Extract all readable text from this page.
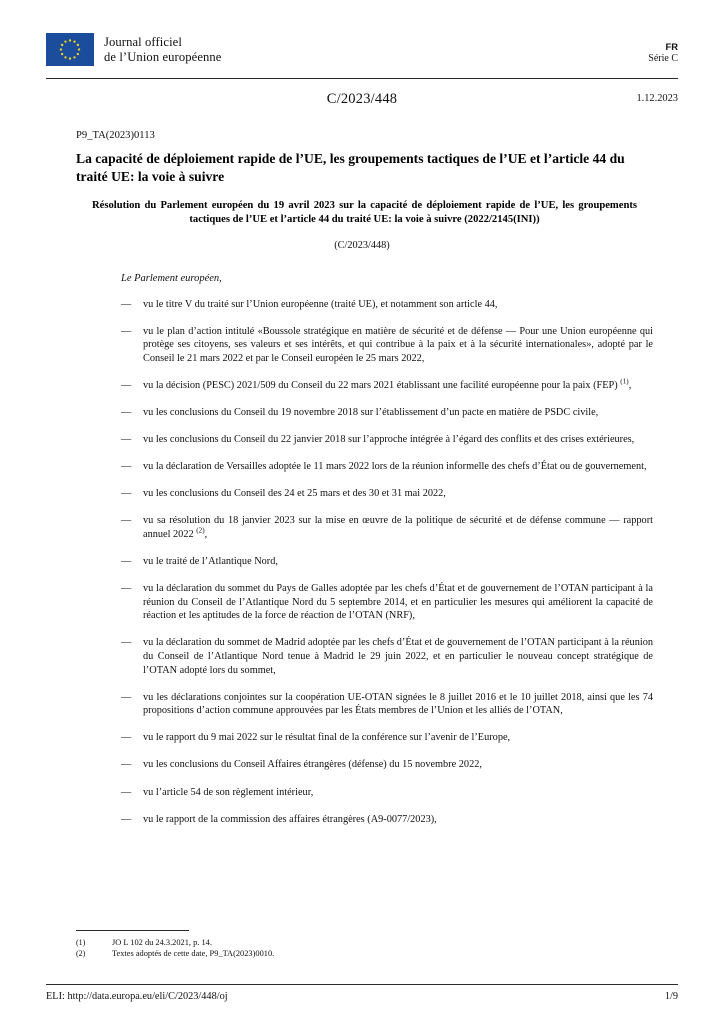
Journal officiel
de l’Union européenne
FR
Série C
C/2023/448	1.12.2023
P9_TA(2023)0113
La capacité de déploiement rapide de l’UE, les groupements tactiques de l’UE et l’article 44 du traité UE: la voie à suivre
Résolution du Parlement européen du 19 avril 2023 sur la capacité de déploiement rapide de l’UE, les groupements tactiques de l’UE et l’article 44 du traité UE: la voie à suivre (2022/2145(INI))
(C/2023/448)
Le Parlement européen,
—	vu le titre V du traité sur l’Union européenne (traité UE), et notamment son article 44,
—	vu le plan d’action intitulé «Boussole stratégique en matière de sécurité et de défense — Pour une Union européenne qui protège ses citoyens, ses valeurs et ses intérêts, et qui contribue à la paix et à la sécurité internationales», adopté par le Conseil le 21 mars 2022 et par le Conseil européen le 25 mars 2022,
—	vu la décision (PESC) 2021/509 du Conseil du 22 mars 2021 établissant une facilité européenne pour la paix (FEP) $^{(1)}$,
—	vu les conclusions du Conseil du 19 novembre 2018 sur l’établissement d’un pacte en matière de PSDC civile,
—	vu les conclusions du Conseil du 22 janvier 2018 sur l’approche intégrée à l’égard des conflits et des crises extérieures,
—	vu la déclaration de Versailles adoptée le 11 mars 2022 lors de la réunion informelle des chefs d’État ou de gouvernement,
—	vu les conclusions du Conseil des 24 et 25 mars et des 30 et 31 mai 2022,
—	vu sa résolution du 18 janvier 2023 sur la mise en œuvre de la politique de sécurité et de défense commune — rapport annuel 2022 $^{(2)}$,
—	vu le traité de l’Atlantique Nord,
—	vu la déclaration du sommet du Pays de Galles adoptée par les chefs d’État et de gouvernement de l’OTAN participant à la réunion du Conseil de l’Atlantique Nord du 5 septembre 2014, et en particulier les mesures qui améliorent la capacité de réaction et les aptitudes de la force de réaction de l’OTAN (NRF),
—	vu la déclaration du sommet de Madrid adoptée par les chefs d’État et de gouvernement de l’OTAN participant à la réunion du Conseil de l’Atlantique Nord tenue à Madrid le 29 juin 2022, et en particulier le nouveau concept stratégique de l’OTAN adopté lors du sommet,
—	vu les déclarations conjointes sur la coopération UE-OTAN signées le 8 juillet 2016 et le 10 juillet 2018, ainsi que les 74 propositions d’action commune approuvées par les États membres de l’Union et les alliés de l’OTAN,
—	vu le rapport du 9 mai 2022 sur le résultat final de la conférence sur l’avenir de l’Europe,
—	vu les conclusions du Conseil Affaires étrangères (défense) du 15 novembre 2022,
—	vu l’article 54 de son règlement intérieur,
—	vu le rapport de la commission des affaires étrangères (A9-0077/2023),
(1)	JO L 102 du 24.3.2021, p. 14.
(2)	Textes adoptés de cette date, P9_TA(2023)0010.
ELI: http://data.europa.eu/eli/C/2023/448/oj	1/9
